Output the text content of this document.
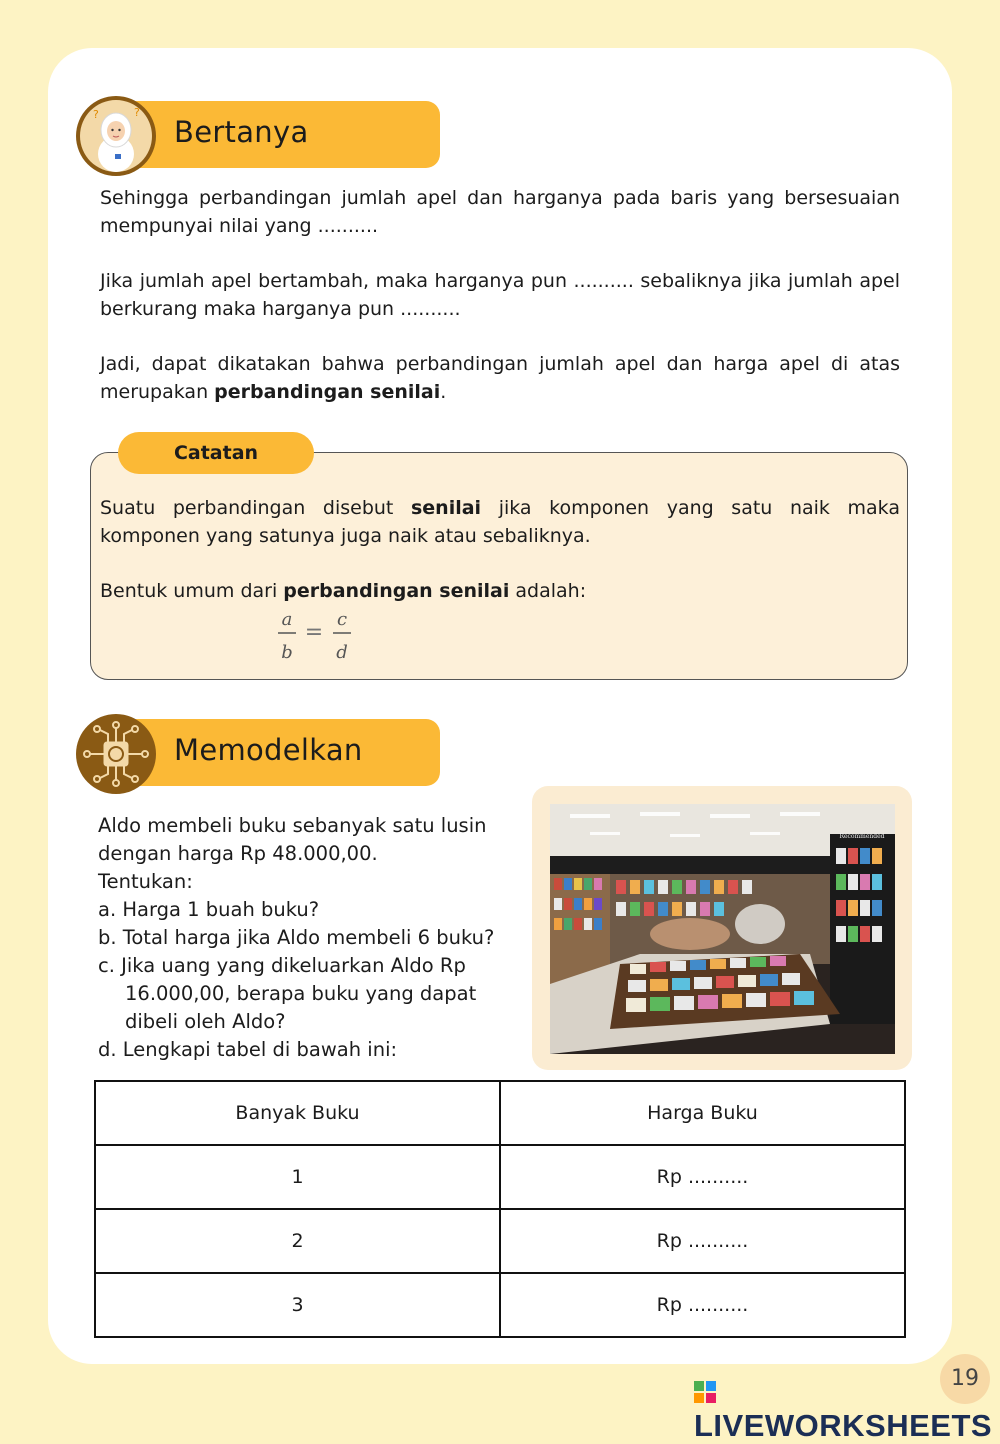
Bertanya
?	?

Sehingga perbandingan jumlah apel dan harganya pada baris yang bersesuaian mempunyai nilai yang ..........

Jika jumlah apel bertambah, maka harganya pun .......... sebaliknya jika jumlah apel berkurang maka harganya pun ..........

Jadi, dapat dikatakan bahwa perbandingan jumlah apel dan harga apel di atas merupakan perbandingan senilai.

Catatan

Suatu perbandingan disebut senilai jika komponen yang satu naik maka komponen yang satunya juga naik atau sebaliknya.

Bentuk umum dari perbandingan senilai adalah:

a
b
=
c
d
Memodelkan
Aldo membeli buku sebanyak satu lusin
dengan harga Rp 48.000,00.
Tentukan:
a. Harga 1 buah buku?
b. Total harga jika Aldo membeli 6 buku?
c. Jika uang yang dikeluarkan Aldo Rp
16.000,00, berapa buku yang dapat
dibeli oleh Aldo?
d. Lengkapi tabel di bawah ini:
Recommended
Banyak Buku	Harga Buku
1	Rp ..........
2	Rp ..........
3	Rp ..........
19
LIVEWORKSHEETS
